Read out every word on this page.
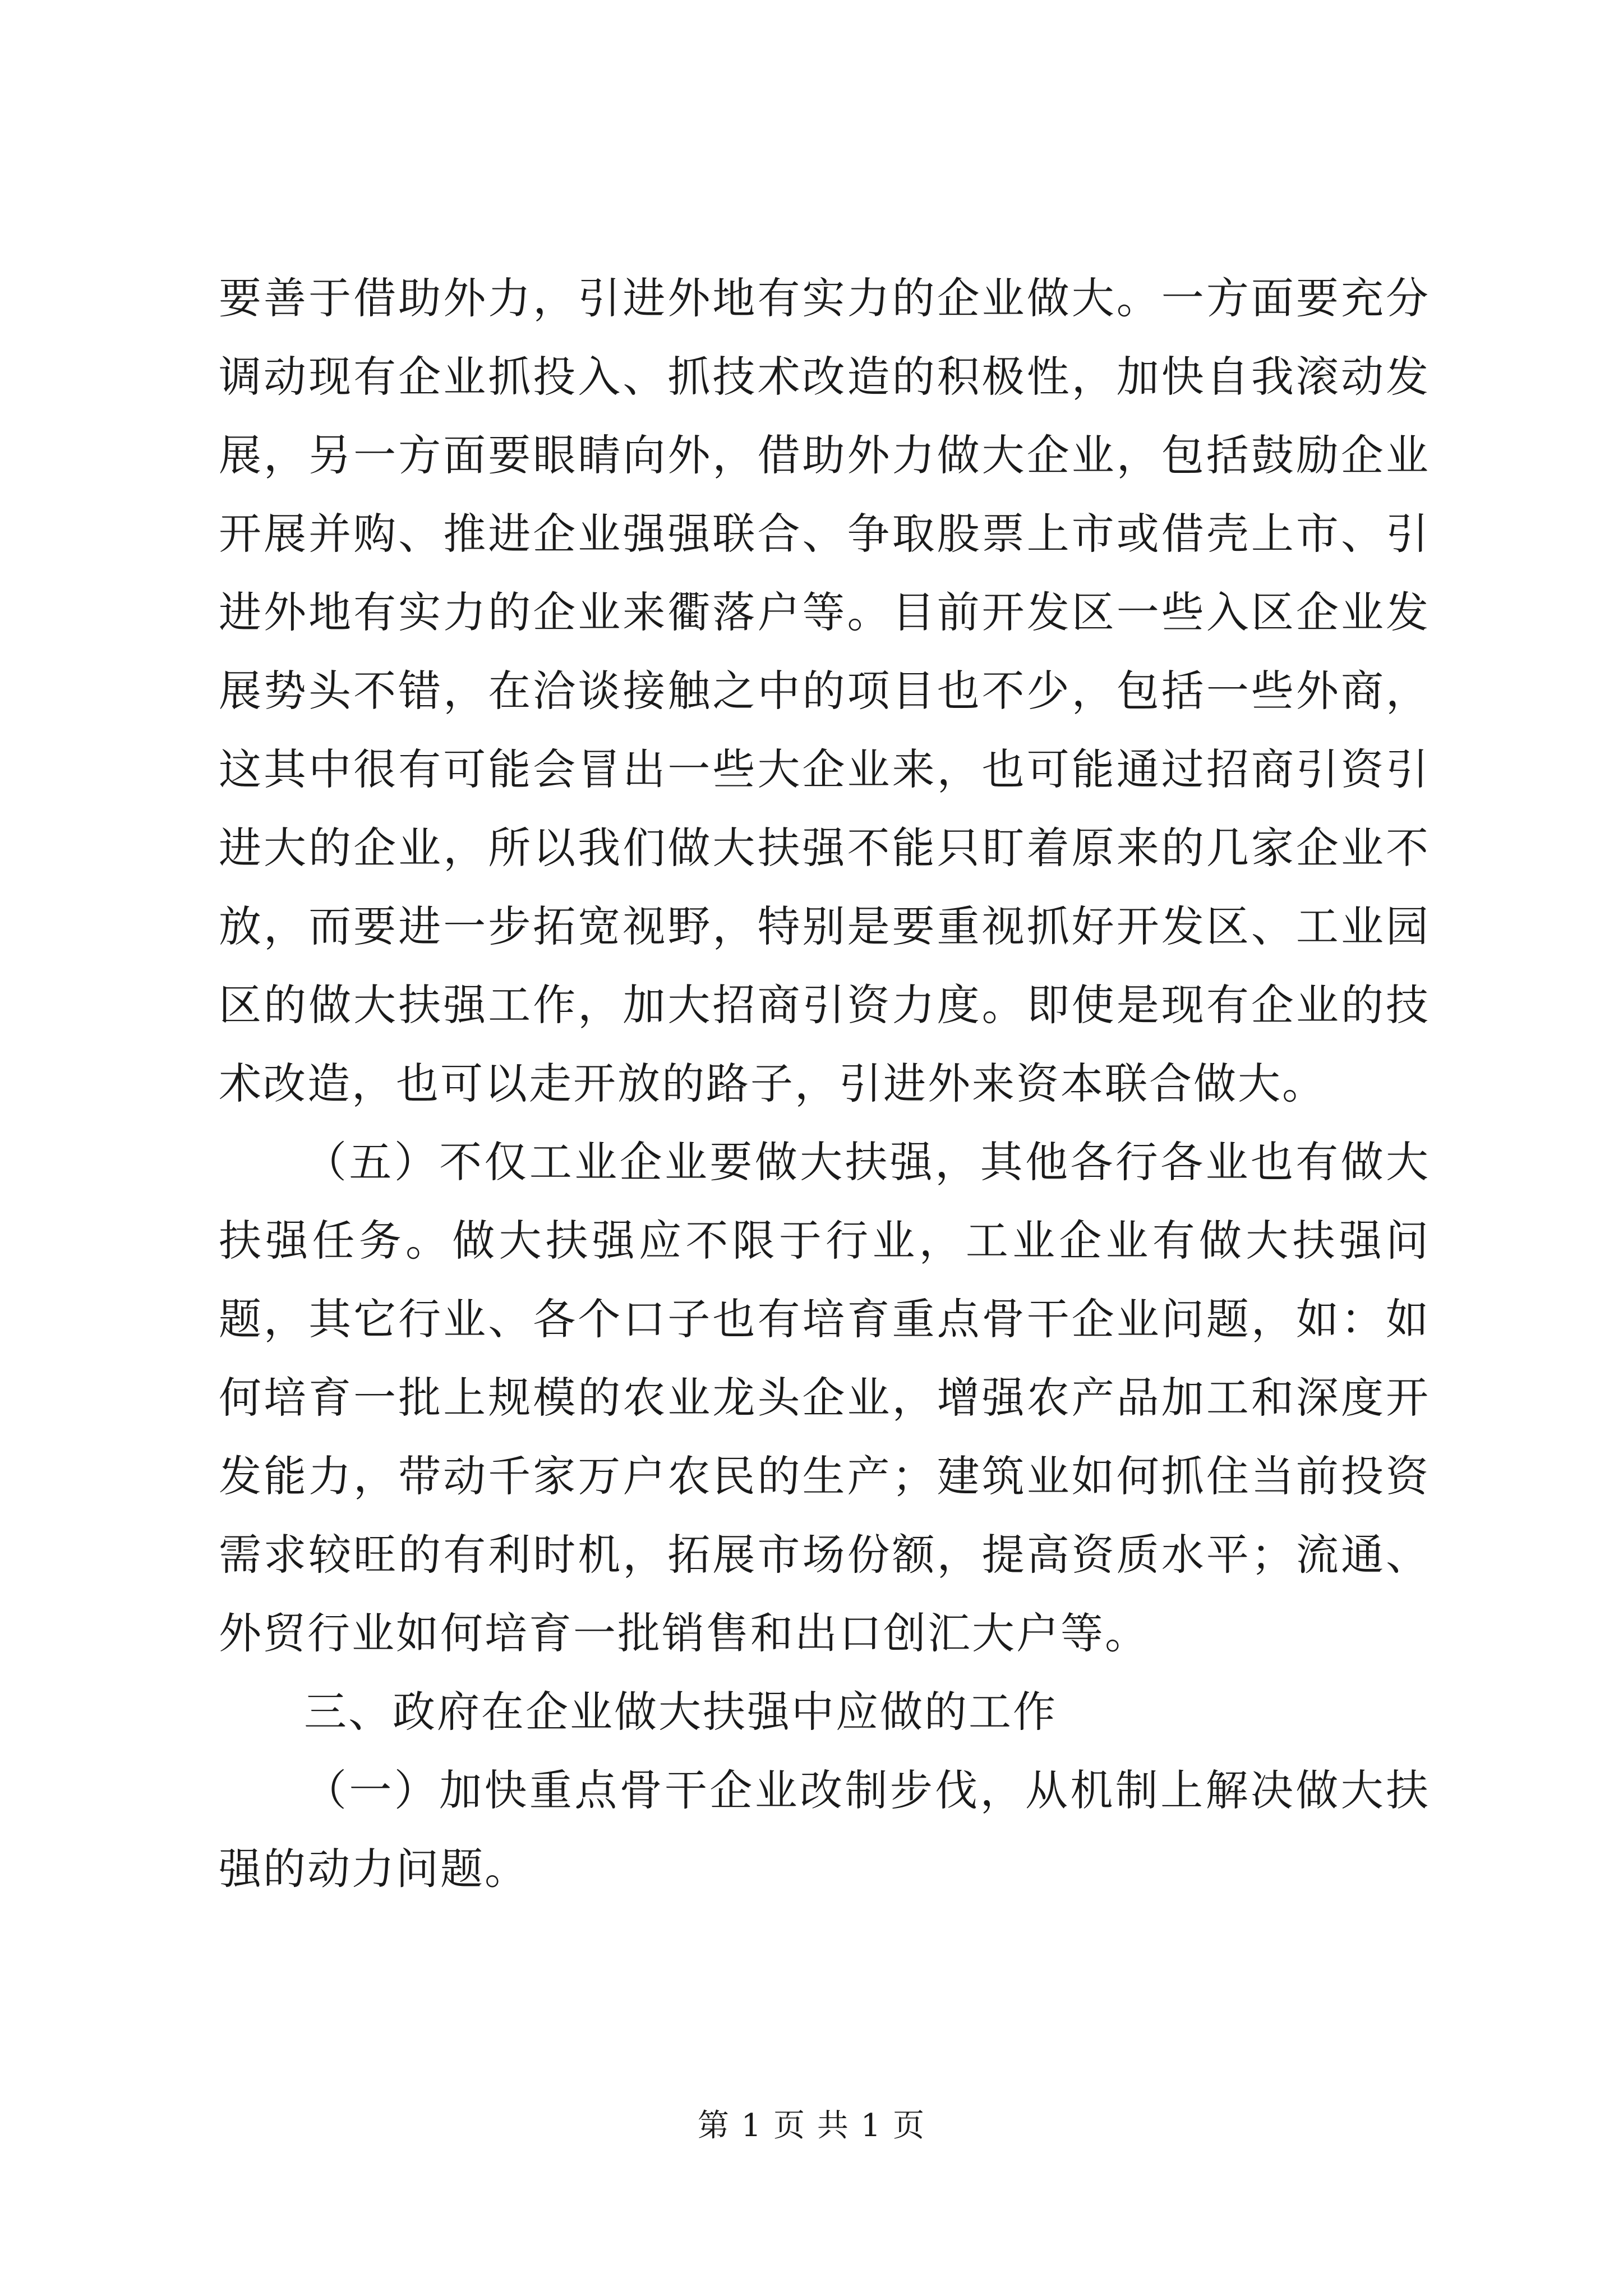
要善于借助外力，引进外地有实力的企业做大。一方面要充分调动现有企业抓投入、抓技术改造的积极性，加快自我滚动发展，另一方面要眼睛向外，借助外力做大企业，包括鼓励企业开展并购、推进企业强强联合、争取股票上市或借壳上市、引进外地有实力的企业来衢落户等。目前开发区一些入区企业发展势头不错，在洽谈接触之中的项目也不少，包括一些外商，这其中很有可能会冒出一些大企业来，也可能通过招商引资引进大的企业，所以我们做大扶强不能只盯着原来的几家企业不放，而要进一步拓宽视野，特别是要重视抓好开发区、工业园区的做大扶强工作，加大招商引资力度。即使是现有企业的技术改造，也可以走开放的路子，引进外来资本联合做大。

（五）不仅工业企业要做大扶强，其他各行各业也有做大扶强任务。做大扶强应不限于行业，工业企业有做大扶强问题，其它行业、各个口子也有培育重点骨干企业问题，如：如何培育一批上规模的农业龙头企业，增强农产品加工和深度开发能力，带动千家万户农民的生产；建筑业如何抓住当前投资需求较旺的有利时机，拓展市场份额，提高资质水平；流通、外贸行业如何培育一批销售和出口创汇大户等。

三、政府在企业做大扶强中应做的工作

（一）加快重点骨干企业改制步伐，从机制上解决做大扶强的动力问题。

第 1 页 共 1 页
